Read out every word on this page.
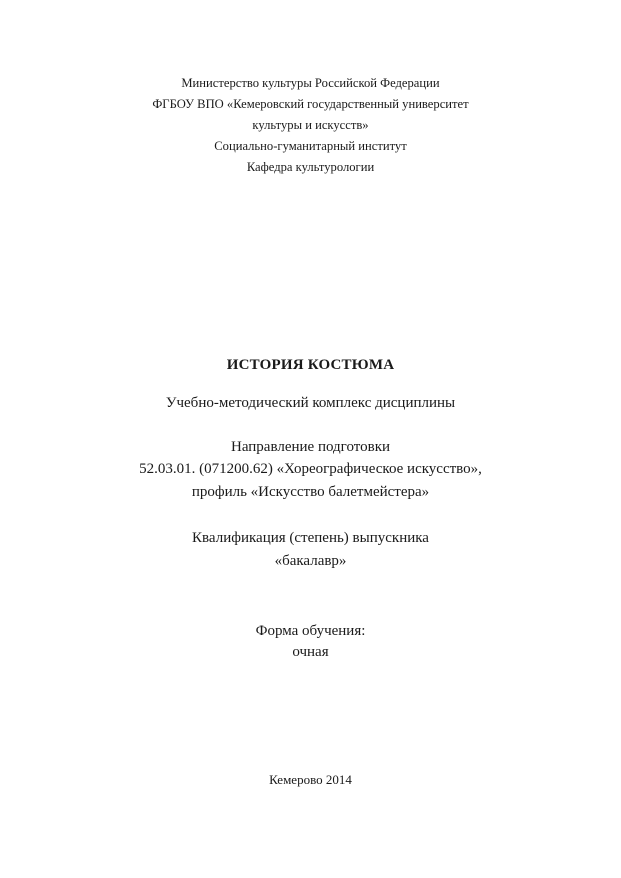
Министерство культуры Российской Федерации
ФГБОУ ВПО «Кемеровский государственный университет
культуры и искусств»
Социально-гуманитарный институт
Кафедра культурологии
ИСТОРИЯ КОСТЮМА
Учебно-методический комплекс дисциплины
Направление подготовки
52.03.01. (071200.62) «Хореографическое искусство»,
профиль «Искусство балетмейстера»
Квалификация (степень) выпускника
«бакалавр»
Форма обучения:
очная
Кемерово 2014
